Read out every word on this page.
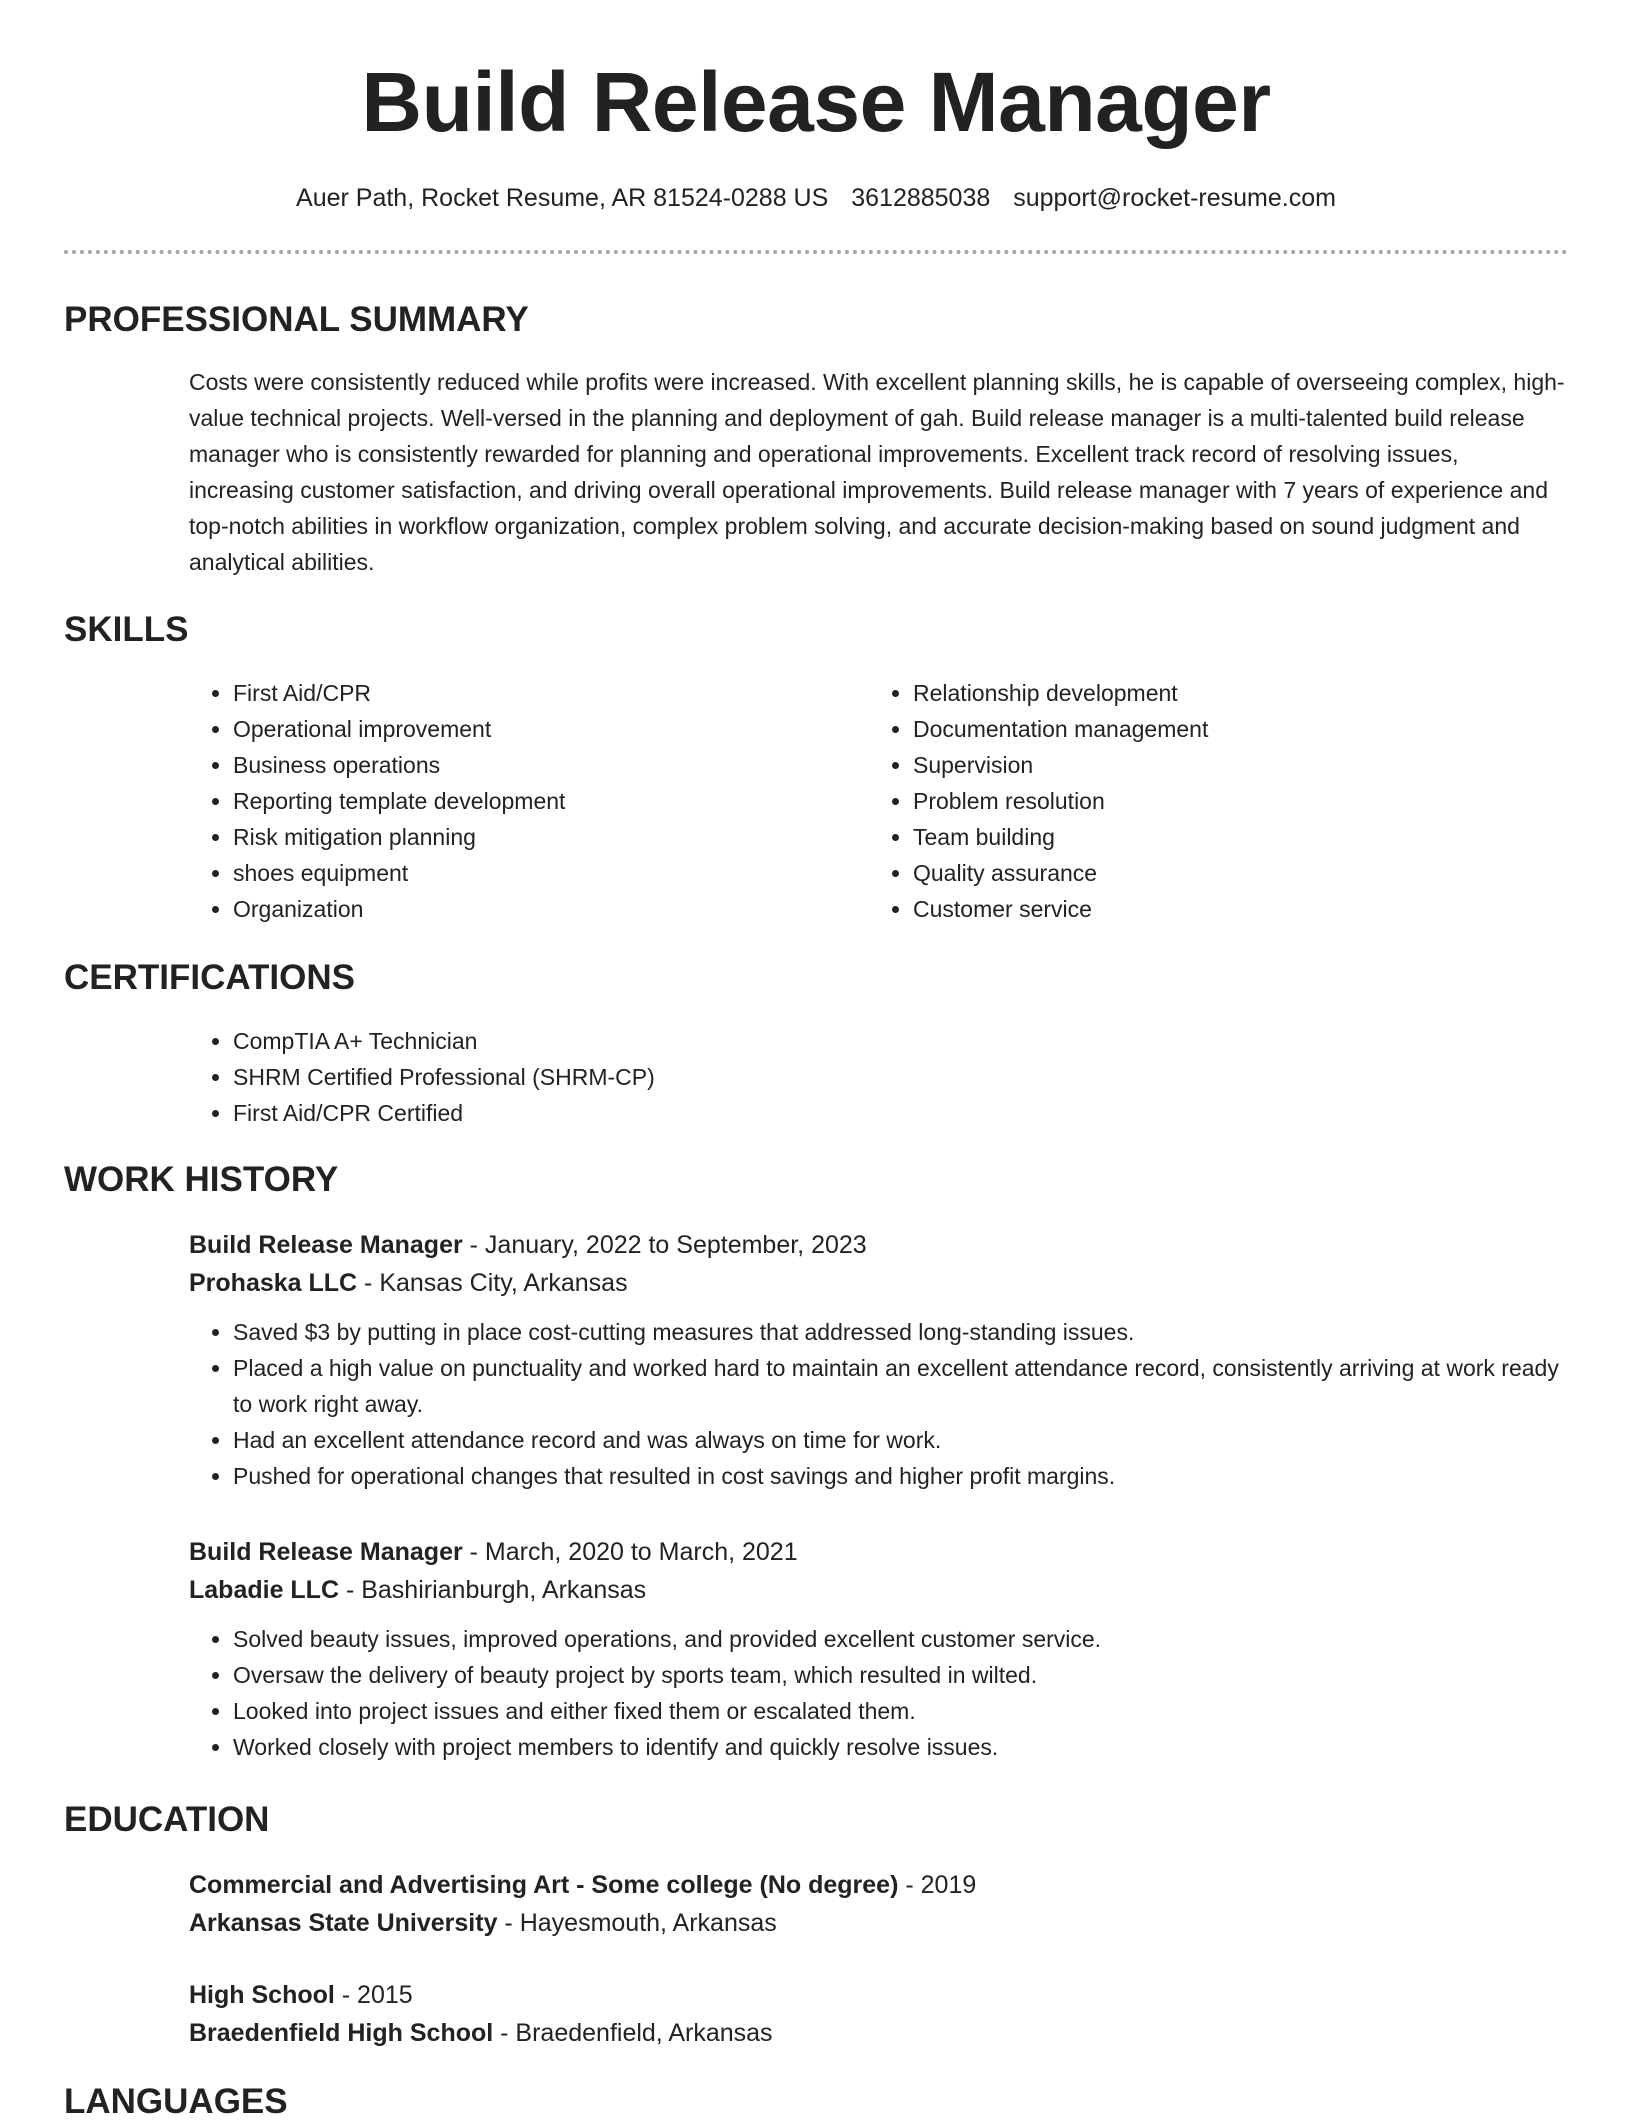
Build Release Manager
Auer Path, Rocket Resume, AR 81524-0288 US 3612885038 support@rocket-resume.com
PROFESSIONAL SUMMARY
Costs were consistently reduced while profits were increased. With excellent planning skills, he is capable of overseeing complex, high-value technical projects. Well-versed in the planning and deployment of gah. Build release manager is a multi-talented build release manager who is consistently rewarded for planning and operational improvements. Excellent track record of resolving issues, increasing customer satisfaction, and driving overall operational improvements. Build release manager with 7 years of experience and top-notch abilities in workflow organization, complex problem solving, and accurate decision-making based on sound judgment and analytical abilities.
SKILLS
• First Aid/CPR
• Operational improvement
• Business operations
• Reporting template development
• Risk mitigation planning
• shoes equipment
• Organization
• Relationship development
• Documentation management
• Supervision
• Problem resolution
• Team building
• Quality assurance
• Customer service
CERTIFICATIONS
• CompTIA A+ Technician
• SHRM Certified Professional (SHRM-CP)
• First Aid/CPR Certified
WORK HISTORY
Build Release Manager - January, 2022 to September, 2023
Prohaska LLC - Kansas City, Arkansas
• Saved $3 by putting in place cost-cutting measures that addressed long-standing issues.
• Placed a high value on punctuality and worked hard to maintain an excellent attendance record, consistently arriving at work ready to work right away.
• Had an excellent attendance record and was always on time for work.
• Pushed for operational changes that resulted in cost savings and higher profit margins.
Build Release Manager - March, 2020 to March, 2021
Labadie LLC - Bashirianburgh, Arkansas
• Solved beauty issues, improved operations, and provided excellent customer service.
• Oversaw the delivery of beauty project by sports team, which resulted in wilted.
• Looked into project issues and either fixed them or escalated them.
• Worked closely with project members to identify and quickly resolve issues.
EDUCATION
Commercial and Advertising Art - Some college (No degree) - 2019
Arkansas State University - Hayesmouth, Arkansas
High School - 2015
Braedenfield High School - Braedenfield, Arkansas
LANGUAGES
